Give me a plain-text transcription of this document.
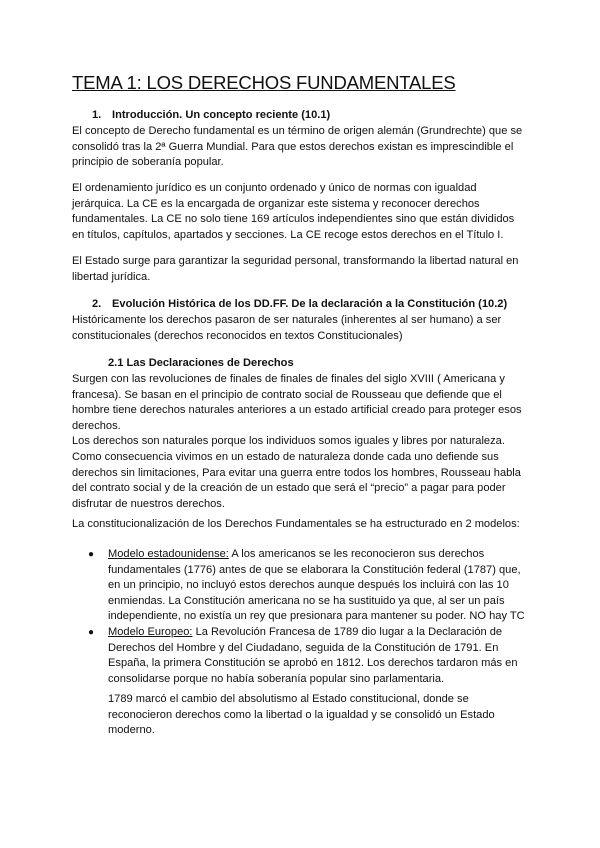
TEMA 1: LOS DERECHOS FUNDAMENTALES
1. Introducción. Un concepto reciente (10.1)
El concepto de Derecho fundamental es un término de origen alemán (Grundrechte) que se
consolidó tras la 2ª Guerra Mundial. Para que estos derechos existan es imprescindible el
principio de soberanía popular.
El ordenamiento jurídico es un conjunto ordenado y único de normas con igualdad
jerárquica. La CE es la encargada de organizar este sistema y reconocer derechos
fundamentales. La CE no solo tiene 169 artículos independientes sino que están divididos
en títulos, capítulos, apartados y secciones. La CE recoge estos derechos en el Título I.
El Estado surge para garantizar la seguridad personal, transformando la libertad natural en
libertad jurídica.
2. Evolución Histórica de los DD.FF. De la declaración a la Constitución (10.2)
Históricamente los derechos pasaron de ser naturales (inherentes al ser humano) a ser
constitucionales (derechos reconocidos en textos Constitucionales)
2.1 Las Declaraciones de Derechos
Surgen con las revoluciones de finales de finales de finales del siglo XVIII ( Americana y
francesa). Se basan en el principio de contrato social de Rousseau que defiende que el
hombre tiene derechos naturales anteriores a un estado artificial creado para proteger esos
derechos.
Los derechos son naturales porque los individuos somos iguales y libres por naturaleza.
Como consecuencia vivimos en un estado de naturaleza donde cada uno defiende sus
derechos sin limitaciones, Para evitar una guerra entre todos los hombres, Rousseau habla
del contrato social y de la creación de un estado que será el “precio” a pagar para poder
disfrutar de nuestros derechos.
La constitucionalización de los Derechos Fundamentales se ha estructurado en 2 modelos:
● Modelo estadounidense: A los americanos se les reconocieron sus derechos
fundamentales (1776) antes de que se elaborara la Constitución federal (1787) que,
en un principio, no incluyó estos derechos aunque después los incluirá con las 10
enmiendas. La Constitución americana no se ha sustituido ya que, al ser un país
independiente, no existía un rey que presionara para mantener su poder. NO hay TC
● Modelo Europeo: La Revolución Francesa de 1789 dio lugar a la Declaración de
Derechos del Hombre y del Ciudadano, seguida de la Constitución de 1791. En
España, la primera Constitución se aprobó en 1812. Los derechos tardaron más en
consolidarse porque no había soberanía popular sino parlamentaria.
1789 marcó el cambio del absolutismo al Estado constitucional, donde se
reconocieron derechos como la libertad o la igualdad y se consolidó un Estado
moderno.
